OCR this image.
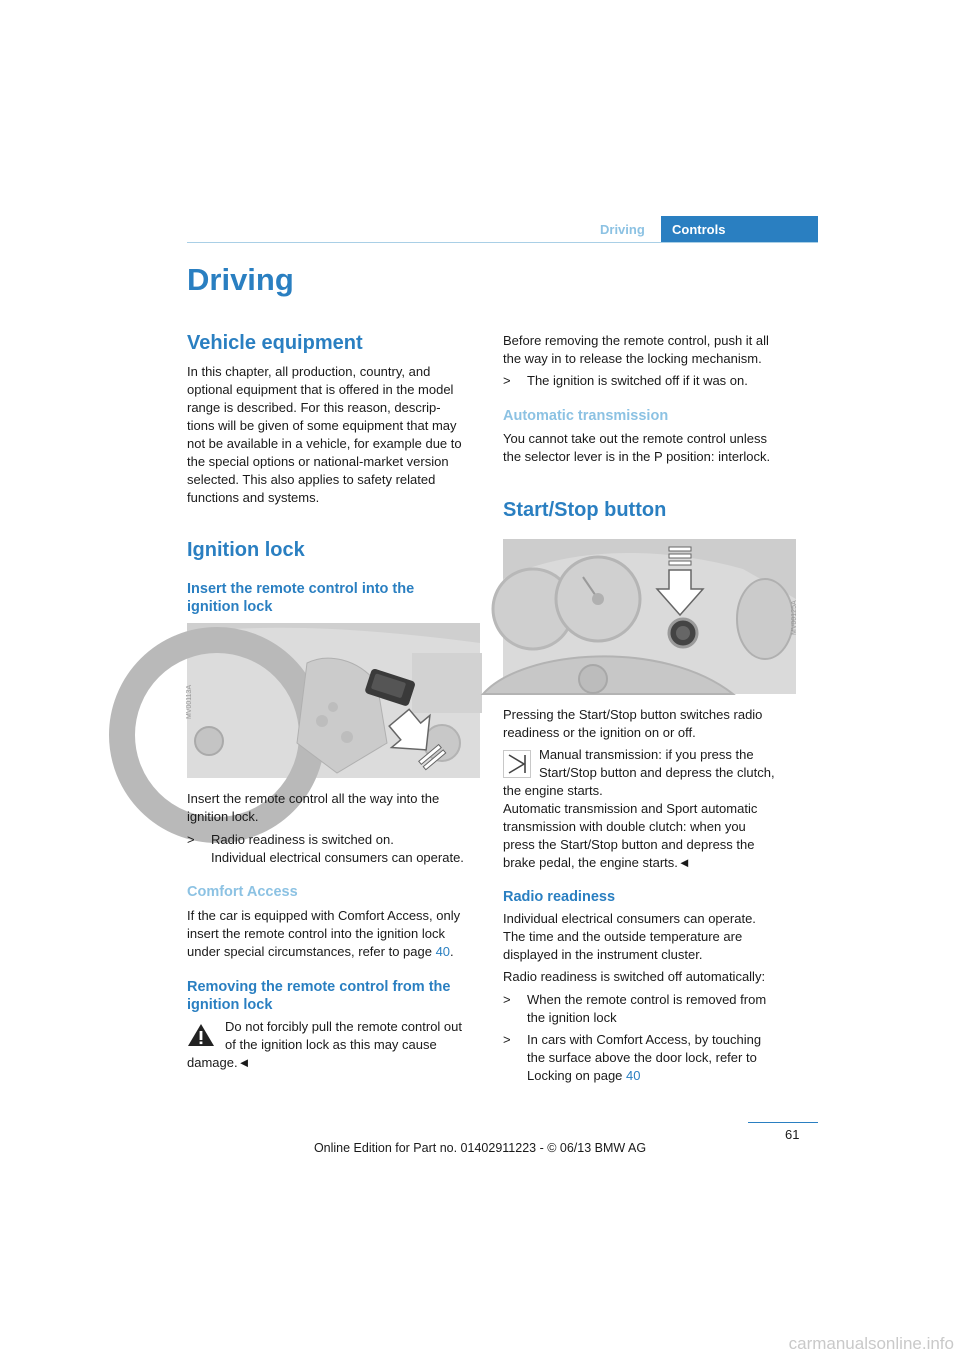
Driving	Controls
Driving
Vehicle equipment
In this chapter, all production, country, and
optional equipment that is offered in the model
range is described. For this reason, descrip-
tions will be given of some equipment that may
not be available in a vehicle, for example due to
the special options or national-market version
selected. This also applies to safety related
functions and systems.
Ignition lock
Insert the remote control into the
ignition lock
MV00113A
Insert the remote control all the way into the
ignition lock.
> Radio readiness is switched on.
Individual electrical consumers can operate.
Comfort Access
If the car is equipped with Comfort Access, only
insert the remote control into the ignition lock
under special circumstances, refer to page 40.
Removing the remote control from the
ignition lock
Do not forcibly pull the remote control out
of the ignition lock as this may cause
damage.◄
Before removing the remote control, push it all
the way in to release the locking mechanism.
> The ignition is switched off if it was on.
Automatic transmission
You cannot take out the remote control unless
the selector lever is in the P position: interlock.
Start/Stop button
MV00125A
Pressing the Start/Stop button switches radio
readiness or the ignition on or off.
Manual transmission: if you press the
Start/Stop button and depress the clutch,
the engine starts.
Automatic transmission and Sport automatic
transmission with double clutch: when you
press the Start/Stop button and depress the
brake pedal, the engine starts.◄
Radio readiness
Individual electrical consumers can operate.
The time and the outside temperature are
displayed in the instrument cluster.
Radio readiness is switched off automatically:
> When the remote control is removed from
the ignition lock
> In cars with Comfort Access, by touching
the surface above the door lock, refer to
Locking on page 40
61
Online Edition for Part no. 01402911223 - © 06/13 BMW AG
carmanualsonline.info
